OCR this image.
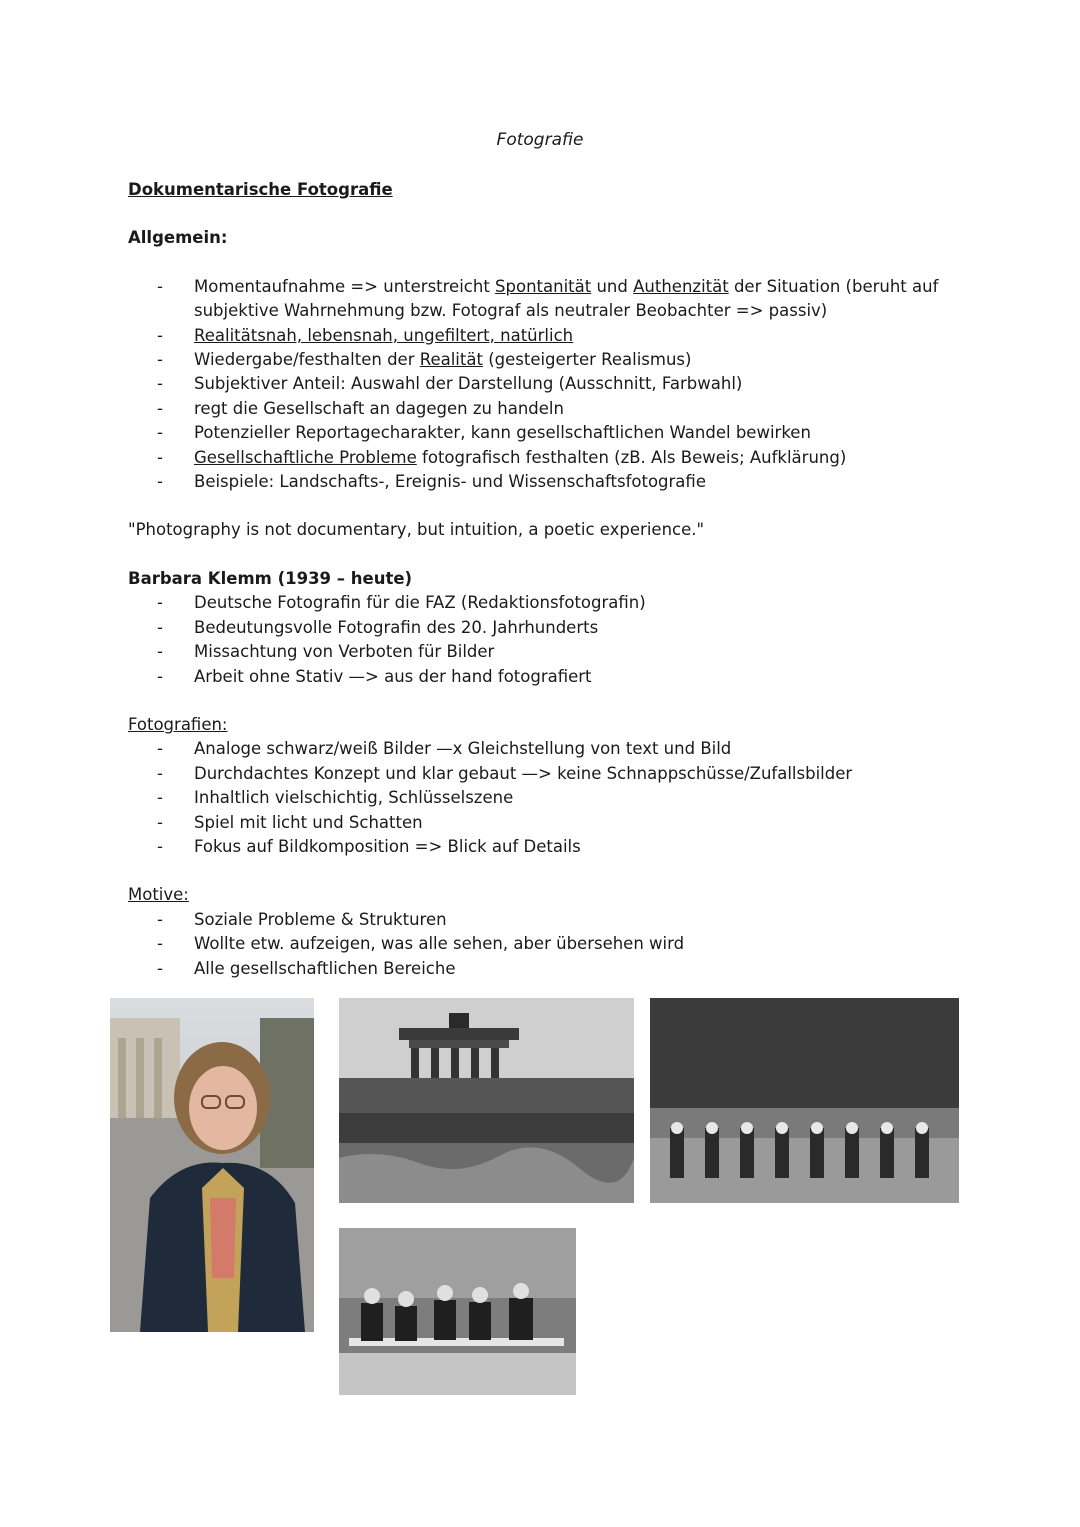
Fotografie
Dokumentarische Fotografie
Allgemein:
- Momentaufnahme => unterstreicht Spontanität und Authenzität der Situation (beruht auf subjektive Wahrnehmung bzw. Fotograf als neutraler Beobachter => passiv)
- Realitätsnah, lebensnah, ungefiltert, natürlich
- Wiedergabe/festhalten der Realität (gesteigerter Realismus)
- Subjektiver Anteil: Auswahl der Darstellung (Ausschnitt, Farbwahl)
- regt die Gesellschaft an dagegen zu handeln
- Potenzieller Reportagecharakter, kann gesellschaftlichen Wandel bewirken
- Gesellschaftliche Probleme fotografisch festhalten (zB. Als Beweis; Aufklärung)
- Beispiele: Landschafts-, Ereignis- und Wissenschaftsfotografie
"Photography is not documentary, but intuition, a poetic experience."
Barbara Klemm (1939 – heute)
- Deutsche Fotografin für die FAZ (Redaktionsfotografin)
- Bedeutungsvolle Fotografin des 20. Jahrhunderts
- Missachtung von Verboten für Bilder
- Arbeit ohne Stativ —> aus der hand fotografiert
Fotografien:
- Analoge schwarz/weiß Bilder —x Gleichstellung von text und Bild
- Durchdachtes Konzept und klar gebaut —> keine Schnappschüsse/Zufallsbilder
- Inhaltlich vielschichtig, Schlüsselszene
- Spiel mit licht und Schatten
- Fokus auf Bildkomposition => Blick auf Details
Motive:
- Soziale Probleme & Strukturen
- Wollte etw. aufzeigen, was alle sehen, aber übersehen wird
- Alle gesellschaftlichen Bereiche
